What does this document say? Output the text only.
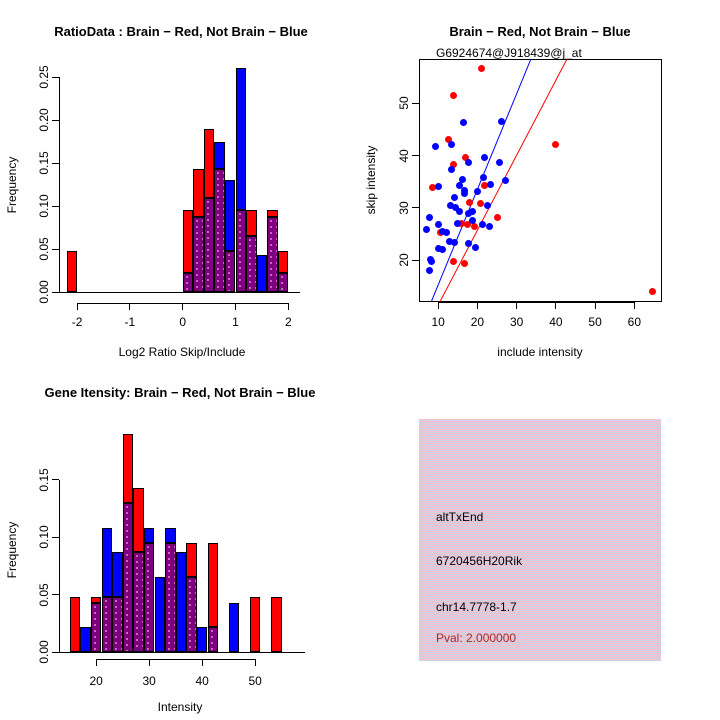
RatioData : Brain − Red, Not Brain − Blue
Frequency
Log2 Ratio Skip/Include
-2	-1	0	1	2
0.00
0.05
0.10
0.15
0.20
0.25
Brain − Red, Not Brain − Blue
skip intensity
include intensity
10	20	30	40	50	60
20
30
40
50
Gene Itensity: Brain − Red, Not Brain − Blue
Frequency
Intensity
20	30	40	50
0.00
0.05
0.10
0.15
G6924674@J918439@j_at
altTxEnd
6720456H20Rik
chr14.7778-1.7
Pval: 2.000000
